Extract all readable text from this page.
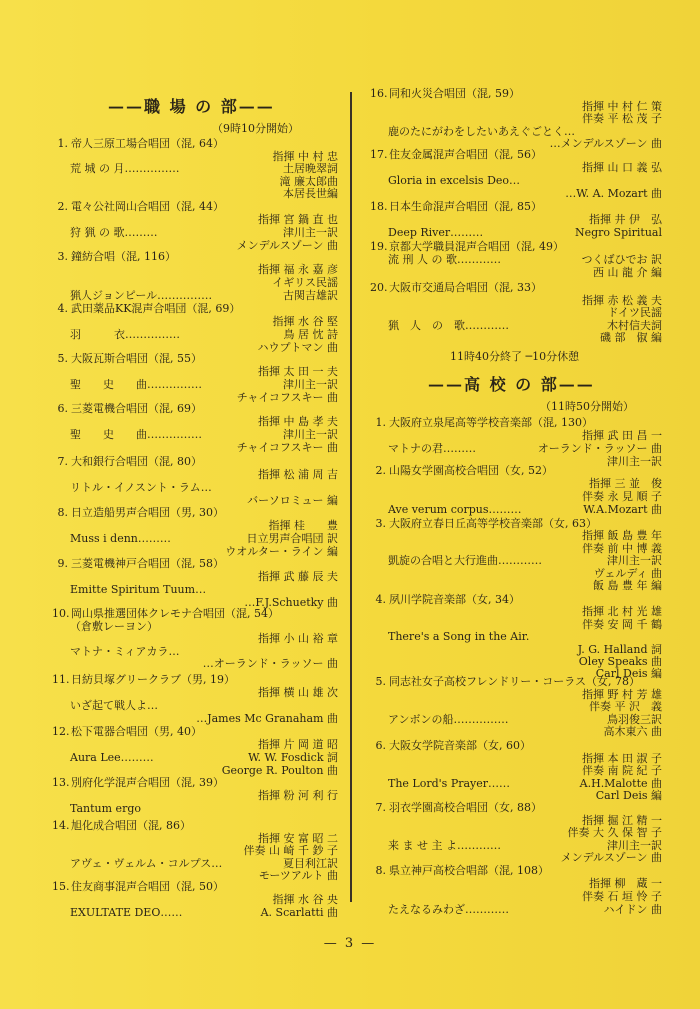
——職 場 の 部——
（9時10分開始）
1. 帝人三原工場合唱団（混, 64）
指揮 中 村 忠
荒 城 の 月……………	土居晩翠詞
滝 廉太郎曲
本居長世編
2. 電々公社岡山合唱団（混, 44）
指揮 宮 鍋 直 也
狩 猟 の 歌………	津川主一訳
メンデルスゾーン 曲
3. 鐘紡合唱（混, 116）
指揮 福 永 嘉 彦
イギリス民謡
猟人ジョンピール……………	古関吉雄訳
4. 武田薬品KK混声合唱団（混, 69）
指揮 水 谷 堅
羽　　　衣……………	鳥 居 忱 詩
ハウプトマン 曲
5. 大阪瓦斯合唱団（混, 55）
指揮 太 田 一 夫
聖　　史　　曲……………	津川主一訳
チャイコフスキー 曲
6. 三菱電機合唱団（混, 69）
指揮 中 島 孝 夫
聖　　史　　曲……………	津川主一訳
チャイコフスキー 曲
7. 大和銀行合唱団（混, 80）
指揮 松 浦 周 吉
リトル・イノスント・ラム…
バーソロミュー 編
8. 日立造船男声合唱団（男, 30）
指揮 桂　　豊
Muss i denn………	日立男声合唱団 訳
ウオルター・ライン 編
9. 三菱電機神戸合唱団（混, 58）
指揮 武 藤 辰 夫
Emitte Spiritum Tuum…
…F.J.Schuetky 曲
10. 岡山県推選団体クレモナ合唱団（混, 54）
（倉敷レーヨン）
指揮 小 山 裕 章
マトナ・ミィアカラ…
…オーランド・ラッソー 曲
11. 日紡貝塚グリークラブ（男, 19）
指揮 横 山 雄 次
いざ起て戦人よ…
…James Mc Granaham 曲
12. 松下電器合唱団（男, 40）
指揮 片 岡 道 昭
Aura Lee………	W. W. Fosdick 詞
George R. Poulton 曲
13. 別府化学混声合唱団（混, 39）
指揮 粉 河 利 行
Tantum ergo
14. 旭化成合唱団（混, 86）
指揮 安 富 昭 二
伴奏 山 崎 千 鈔 子
アヴェ・ヴェルム・コルプス…	夏目利江訳
モーツアルト 曲
15. 住友商事混声合唱団（混, 50）
指揮 水 谷 央
EXULTATE DEO……	A. Scarlatti 曲
16. 同和火災合唱団（混, 59）
指揮 中 村 仁 策
伴奏 平 松 茂 子
鹿のたにがわをしたいあえぐごとく…
…メンデルスゾーン 曲
17. 住友金属混声合唱団（混, 56）
指揮 山 口 義 弘
Gloria in excelsis Deo…
…W. A. Mozart 曲
18. 日本生命混声合唱団（混, 85）
指揮 井 伊　弘
Deep River………	Negro Spiritual
19. 京都大学職員混声合唱団（混, 49）
流 刑 人 の 歌…………	つくばひでお 訳
西 山 龍 介 編
20. 大阪市交通局合唱団（混, 33）
指揮 赤 松 義 夫
ドイツ民謡
猟　人　の　歌…………	木村信夫詞
磯 部　俶 編
11時40分終了 ─10分休憩
——高 校 の 部——
（11時50分開始）
1. 大阪府立泉尾高等学校音楽部（混, 130）
指揮 武 田 昌 一
マトナの君………	オーランド・ラッソー 曲
津川主一訳
2. 山陽女学園高校合唱団（女, 52）
指揮 三 並　俊
伴奏 永 見 順 子
Ave verum corpus………	W.A.Mozart 曲
3. 大阪府立春日丘高等学校音楽部（女, 63）
指揮 飯 島 豊 年
伴奏 前 中 博 義
凱旋の合唱と大行進曲…………	津川主一訳
ヴェルディ 曲
飯 島 豊 年 編
4. 夙川学院音楽部（女, 34）
指揮 北 村 光 雄
伴奏 安 岡 千 鶴
There's a Song in the Air.
J. G. Halland 詞
Oley Speaks 曲
Carl Deis 編
5. 同志社女子高校フレンドリー・コーラス（女, 78）
指揮 野 村 芳 雄
伴奏 平 沢　義
アンボンの船……………	鳥羽俊三訳
高木東六 曲
6. 大阪女学院音楽部（女, 60）
指揮 本 田 淑 子
伴奏 南 院 紀 子
The Lord's Prayer……	A.H.Malotte 曲
Carl Deis 編
7. 羽衣学園高校合唱団（女, 88）
指揮 掘 江 精 一
伴奏 大 久 保 智 子
来 ま せ 主 よ…………	津川主一訳
メンデルスゾーン 曲
8. 県立神戸高校合唱部（混, 108）
指揮 柳　蔵 一
伴奏 石 垣 怜 子
たえなるみわざ…………	ハイドン 曲
— 3 —
